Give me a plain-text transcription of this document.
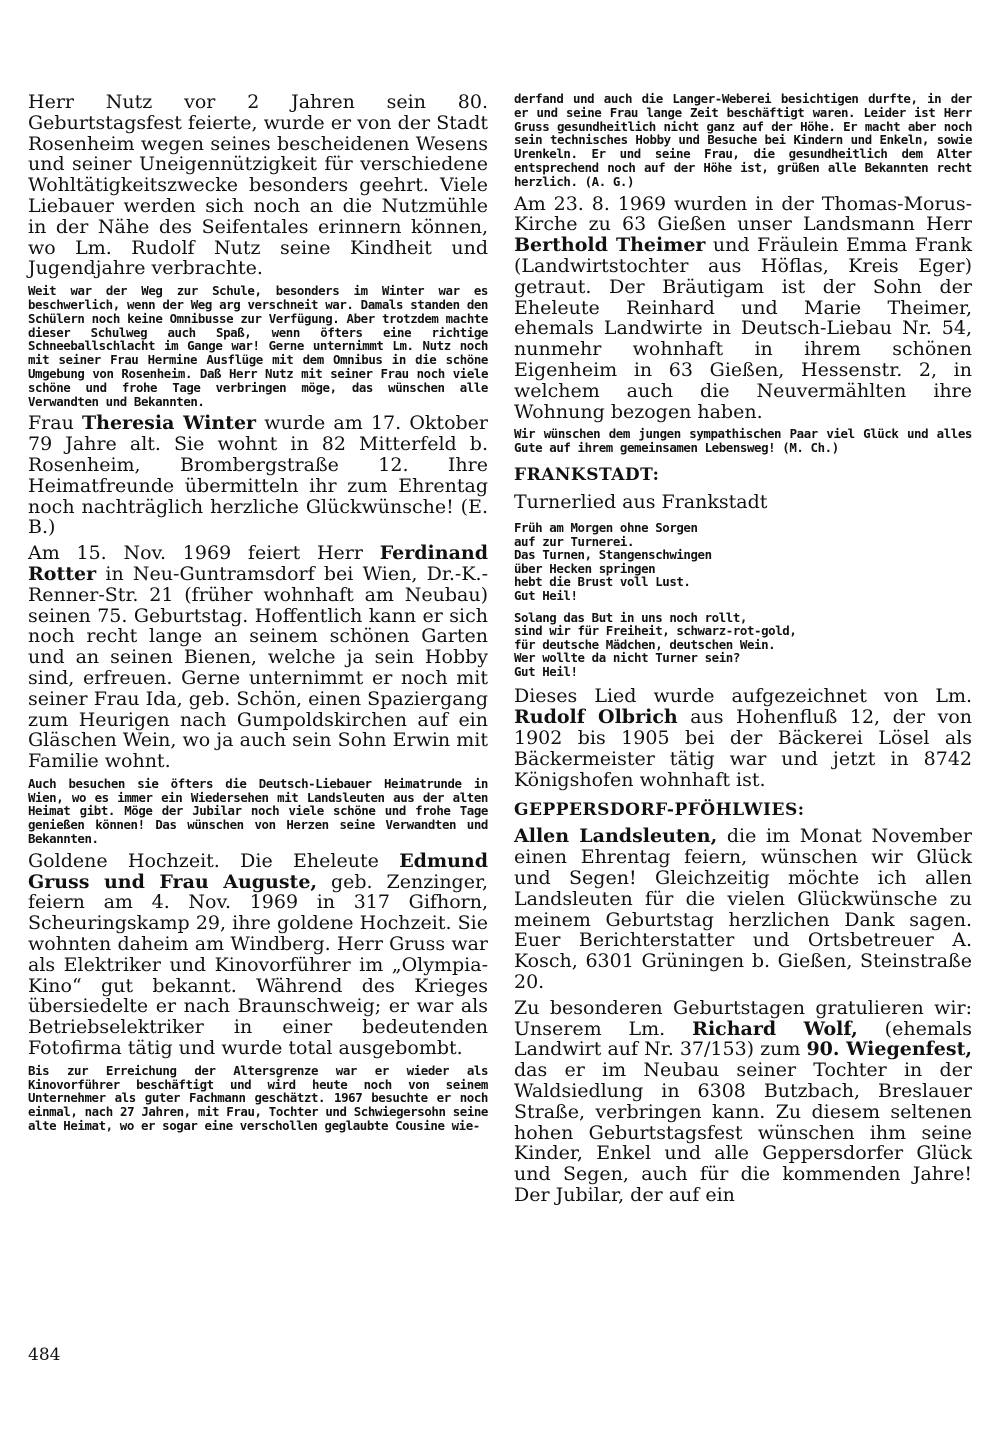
Herr Nutz vor 2 Jahren sein 80. Geburtstagsfest feierte, wurde er von der Stadt Rosenheim wegen seines bescheidenen Wesens und seiner Uneigennützigkeit für verschiedene Wohltätigkeitszwecke besonders geehrt. Viele Liebauer werden sich noch an die Nutzmühle in der Nähe des Seifentales erinnern können, wo Lm. Rudolf Nutz seine Kindheit und Jugendjahre verbrachte.

Weit war der Weg zur Schule, besonders im Winter war es beschwerlich, wenn der Weg arg verschneit war. Damals standen den Schülern noch keine Omnibusse zur Verfügung. Aber trotzdem machte dieser Schulweg auch Spaß, wenn öfters eine richtige Schneeballschlacht im Gange war! Gerne unternimmt Lm. Nutz noch mit seiner Frau Hermine Ausflüge mit dem Omnibus in die schöne Umgebung von Rosenheim. Daß Herr Nutz mit seiner Frau noch viele schöne und frohe Tage verbringen möge, das wünschen alle Verwandten und Bekannten.

Frau Theresia Winter wurde am 17. Oktober 79 Jahre alt. Sie wohnt in 82 Mitterfeld b. Rosenheim, Brombergstraße 12. Ihre Heimatfreunde übermitteln ihr zum Ehrentag noch nachträglich herzliche Glückwünsche! (E. B.)

Am 15. Nov. 1969 feiert Herr Ferdinand Rotter in Neu-Guntramsdorf bei Wien, Dr.-K.-Renner-Str. 21 (früher wohnhaft am Neubau) seinen 75. Geburtstag. Hoffentlich kann er sich noch recht lange an seinem schönen Garten und an seinen Bienen, welche ja sein Hobby sind, erfreuen. Gerne unternimmt er noch mit seiner Frau Ida, geb. Schön, einen Spaziergang zum Heurigen nach Gumpoldskirchen auf ein Gläschen Wein, wo ja auch sein Sohn Erwin mit Familie wohnt.

Auch besuchen sie öfters die Deutsch-Liebauer Heimatrunde in Wien, wo es immer ein Wiedersehen mit Landsleuten aus der alten Heimat gibt. Möge der Jubilar noch viele schöne und frohe Tage genießen können! Das wünschen von Herzen seine Verwandten und Bekannten.

Goldene Hochzeit. Die Eheleute Edmund Gruss und Frau Auguste, geb. Zenzinger, feiern am 4. Nov. 1969 in 317 Gifhorn, Scheuringskamp 29, ihre goldene Hochzeit. Sie wohnten daheim am Windberg. Herr Gruss war als Elektriker und Kinovorführer im „Olympia-Kino“ gut bekannt. Während des Krieges übersiedelte er nach Braunschweig; er war als Betriebselektriker in einer bedeutenden Fotofirma tätig und wurde total ausgebombt.

Bis zur Erreichung der Altersgrenze war er wieder als Kinovorführer beschäftigt und wird heute noch von seinem Unternehmer als guter Fachmann geschätzt. 1967 besuchte er noch einmal, nach 27 Jahren, mit Frau, Tochter und Schwiegersohn seine alte Heimat, wo er sogar eine verschollen geglaubte Cousine wie-

derfand und auch die Langer-Weberei besichtigen durfte, in der er und seine Frau lange Zeit beschäftigt waren. Leider ist Herr Gruss gesundheitlich nicht ganz auf der Höhe. Er macht aber noch sein technisches Hobby und Besuche bei Kindern und Enkeln, sowie Urenkeln. Er und seine Frau, die gesundheitlich dem Alter entsprechend noch auf der Höhe ist, grüßen alle Bekannten recht herzlich. (A. G.)

Am 23. 8. 1969 wurden in der Thomas-Morus-Kirche zu 63 Gießen unser Landsmann Herr Berthold Theimer und Fräulein Emma Frank (Landwirtstochter aus Höflas, Kreis Eger) getraut. Der Bräutigam ist der Sohn der Eheleute Reinhard und Marie Theimer, ehemals Landwirte in Deutsch-Liebau Nr. 54, nunmehr wohnhaft in ihrem schönen Eigenheim in 63 Gießen, Hessenstr. 2, in welchem auch die Neuvermählten ihre Wohnung bezogen haben.

Wir wünschen dem jungen sympathischen Paar viel Glück und alles Gute auf ihrem gemeinsamen Lebensweg! (M. Ch.)

FRANKSTADT:

Turnerlied aus Frankstadt

Früh am Morgen ohne Sorgen
auf zur Turnerei.
Das Turnen, Stangenschwingen
über Hecken springen
hebt die Brust voll Lust.
Gut Heil!
Solang das But in uns noch rollt,
sind wir für Freiheit, schwarz-rot-gold,
für deutsche Mädchen, deutschen Wein.
Wer wollte da nicht Turner sein?
Gut Heil!

Dieses Lied wurde aufgezeichnet von Lm. Rudolf Olbrich aus Hohenfluß 12, der von 1902 bis 1905 bei der Bäckerei Lösel als Bäckermeister tätig war und jetzt in 8742 Königshofen wohnhaft ist.

GEPPERSDORF-PFÖHLWIES:

Allen Landsleuten, die im Monat November einen Ehrentag feiern, wünschen wir Glück und Segen! Gleichzeitig möchte ich allen Landsleuten für die vielen Glückwünsche zu meinem Geburtstag herzlichen Dank sagen. Euer Berichterstatter und Ortsbetreuer A. Kosch, 6301 Grüningen b. Gießen, Steinstraße 20.

Zu besonderen Geburtstagen gratulieren wir: Unserem Lm. Richard Wolf, (ehemals Landwirt auf Nr. 37/153) zum 90. Wiegenfest, das er im Neubau seiner Tochter in der Waldsiedlung in 6308 Butzbach, Breslauer Straße, verbringen kann. Zu diesem seltenen hohen Geburtstagsfest wünschen ihm seine Kinder, Enkel und alle Geppersdorfer Glück und Segen, auch für die kommenden Jahre! Der Jubilar, der auf ein

484
